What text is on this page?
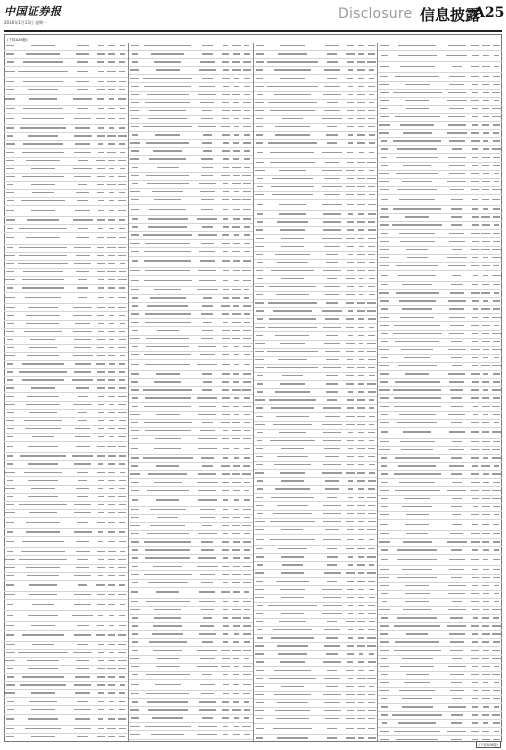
中国证券报
2016年1月13日 星期一
Disclosure 信息披露
A25
(下转A26版)
(下转A26版)
